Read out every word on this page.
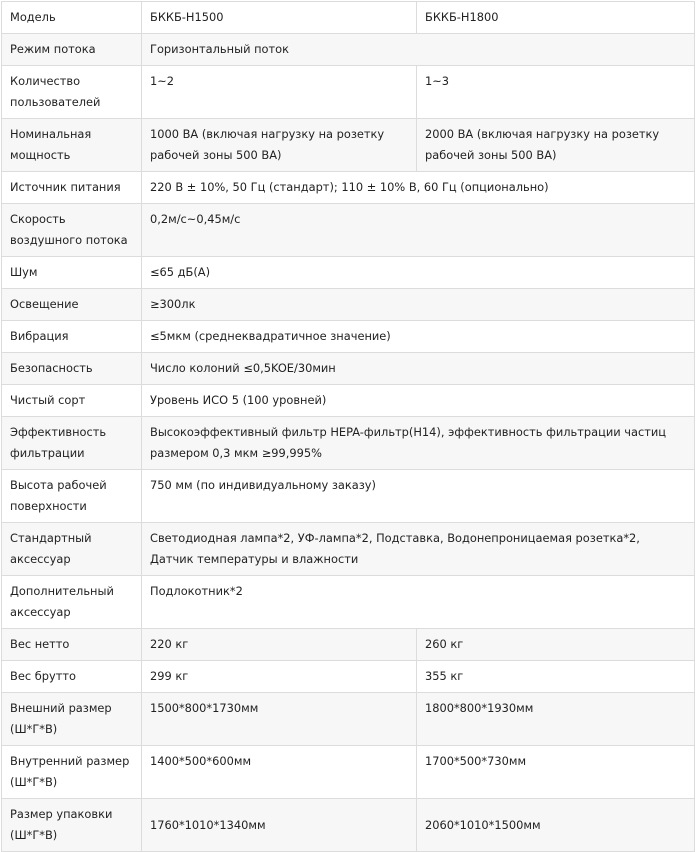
Модель	БККБ-Н1500	БККБ-Н1800
Режим потока	Горизонтальный поток	
Количество пользователей	1~2	1~3
Номинальная мощность	1000 ВА (включая нагрузку на розетку рабочей зоны 500 ВА)	2000 ВА (включая нагрузку на розетку рабочей зоны 500 ВА)
Источник питания	220 В ± 10%, 50 Гц (стандарт); 110 ± 10% В, 60 Гц (опционально)	
Скорость воздушного потока	0,2м/с~0,45м/с	
Шум	≤65 дБ(А)	
Освещение	≥300лк	
Вибрация	≤5мкм (среднеквадратичное значение)	
Безопасность	Число колоний ≤0,5KOE/30мин	
Чистый сорт	Уровень ИСО 5 (100 уровней)	
Эффективность фильтрации	Высокоэффективный фильтр HEPA-фильтр(H14), эффективность фильтрации частиц размером 0,3 мкм ≥99,995%	
Высота рабочей поверхности	750 мм (по индивидуальному заказу)	
Стандартный аксессуар	Светодиодная лампа*2, УФ-лампа*2, Подставка, Водонепроницаемая розетка*2, Датчик температуры и влажности	
Дополнительный аксессуар	Подлокотник*2	
Вес нетто	220 кг	260 кг
Вес брутто	299 кг	355 кг
Внешний размер (Ш*Г*В)	1500*800*1730мм	1800*800*1930мм
Внутренний размер (Ш*Г*В)	1400*500*600мм	1700*500*730мм
Размер упаковки (Ш*Г*В)	1760*1010*1340мм	2060*1010*1500мм
